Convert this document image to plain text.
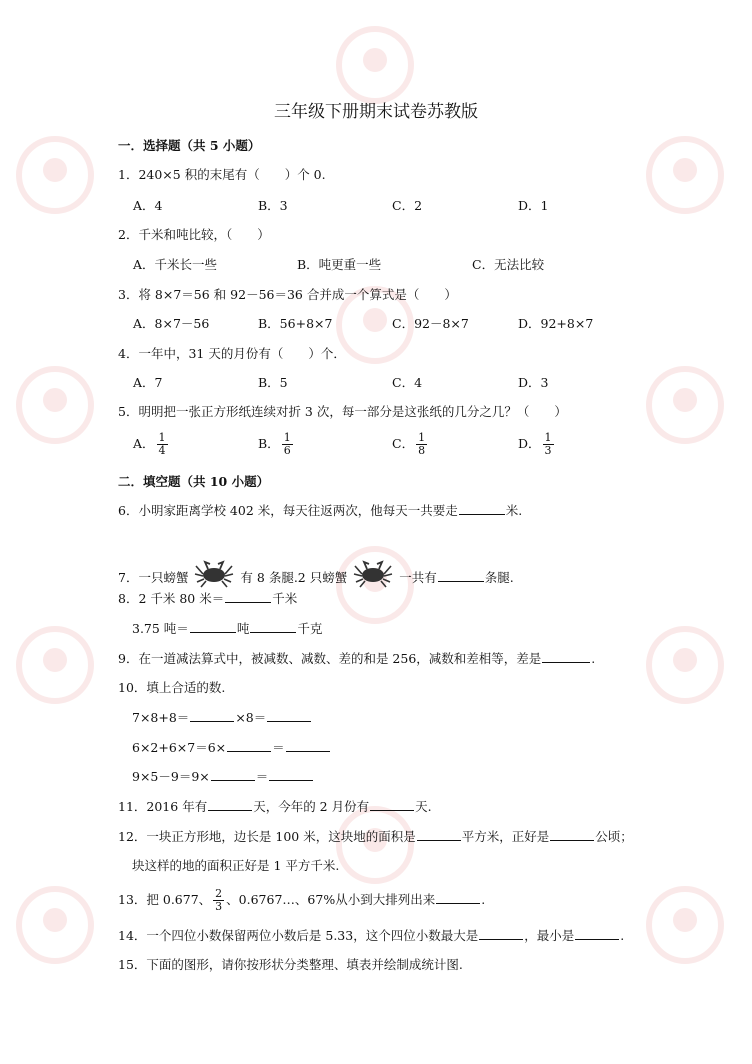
三年级下册期末试卷苏教版
一．选择题（共 5 小题）
1．240×5 积的末尾有（　　）个 0.
A．4	B．3	C．2	D．1
2．千米和吨比较，（　　）
A．千米长一些	B．吨更重一些	C．无法比较
3．将 8×7＝56 和 92－56＝36 合并成一个算式是（　　）
A．8×7－56	B．56+8×7	C．92－8×7	D．92+8×7
4．一年中，31 天的月份有（　　）个．
A．7	B．5	C．4	D．3
5．明明把一张正方形纸连续对折 3 次，每一部分是这张纸的几分之几？（　　）
A． $\frac{1}{4}$	B． $\frac{1}{6}$	C． $\frac{1}{8}$	D． $\frac{1}{3}$
二．填空题（共 10 小题）
6．小明家距离学校 402 米，每天往返两次，他每天一共要走	米.
7．一只螃蟹	有 8 条腿.2 只螃蟹	一共有	条腿.
8．2 千米 80 米＝	千米
3.75 吨＝	吨	千克
9．在一道减法算式中，被减数、减数、差的和是 256，减数和差相等，差是	.
10．填上合适的数.
7×8+8＝	×8＝
6×2+6×7＝6×	＝
9×5－9＝9×	＝
11．2016 年有	天，今年的 2 月份有	天.
12．一块正方形地，边长是 100 米，这块地的面积是	平方米，正好是	公顷；
块这样的地的面积正好是 1 平方千米.
13．把 0.677、 $\frac{2}{3}$ 、0.6767…、67%从小到大排列出来	.
14．一个四位小数保留两位小数后是 5.33，这个四位小数最大是	，最小是	.
15．下面的图形，请你按形状分类整理、填表并绘制成统计图.
